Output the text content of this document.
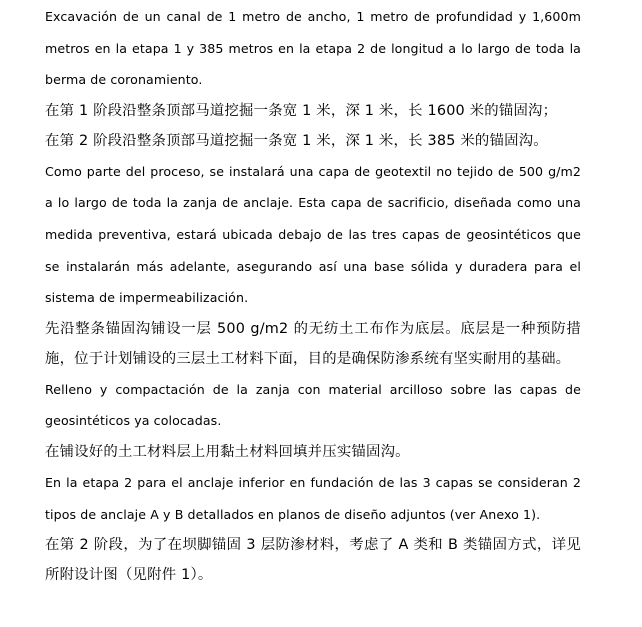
Excavación de un canal de 1 metro de ancho, 1 metro de profundidad y 1,600m metros en la etapa 1 y 385 metros en la etapa 2 de longitud a lo largo de toda la berma de coronamiento.

在第 1 阶段沿整条顶部马道挖掘一条宽 1 米，深 1 米，长 1600 米的锚固沟；
在第 2 阶段沿整条顶部马道挖掘一条宽 1 米，深 1 米，长 385 米的锚固沟。

Como parte del proceso, se instalará una capa de geotextil no tejido de 500 g/m2 a lo largo de toda la zanja de anclaje. Esta capa de sacrificio, diseñada como una medida preventiva, estará ubicada debajo de las tres capas de geosintéticos que se instalarán más adelante, asegurando así una base sólida y duradera para el sistema de impermeabilización.

先沿整条锚固沟铺设一层 500 g/m2 的无纺土工布作为底层。底层是一种预防措施，位于计划铺设的三层土工材料下面，目的是确保防渗系统有坚实耐用的基础。

Relleno y compactación de la zanja con material arcilloso sobre las capas de geosintéticos ya colocadas.

在铺设好的土工材料层上用黏土材料回填并压实锚固沟。

En la etapa 2 para el anclaje inferior en fundación de las 3 capas se consideran 2 tipos de anclaje A y B detallados en planos de diseño adjuntos (ver Anexo 1).

在第 2 阶段，为了在坝脚锚固 3 层防渗材料，考虑了 A 类和 B 类锚固方式，详见所附设计图（见附件 1）。
